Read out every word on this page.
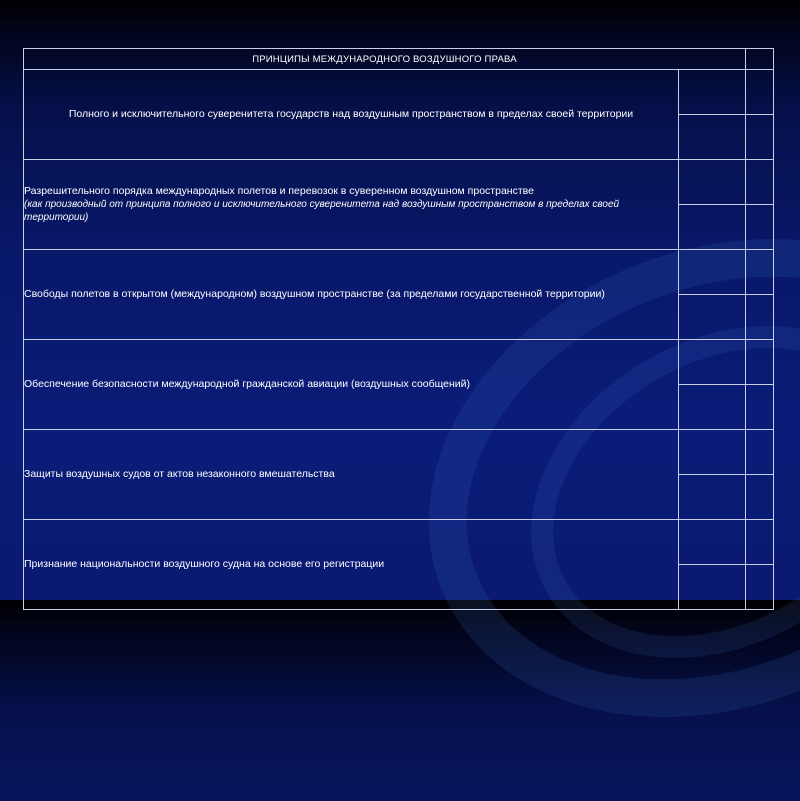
ПРИНЦИПЫ МЕЖДУНАРОДНОГО ВОЗДУШНОГО ПРАВА		
Полного и исключительного суверенитета государств над воздушным пространством в пределах своей территории		

Разрешительного порядка международных полетов и перевозок в суверенном воздушном пространстве
(как производный от принципа полного и исключительного суверенитета над воздушным пространством в пределах своей территории)		

Свободы полетов в открытом (международном) воздушном пространстве (за пределами государственной территории)		

Обеспечение безопасности международной гражданской авиации (воздушных сообщений)		

Защиты воздушных судов от актов незаконного вмешательства		

Признание национальности воздушного судна на основе его регистрации		
